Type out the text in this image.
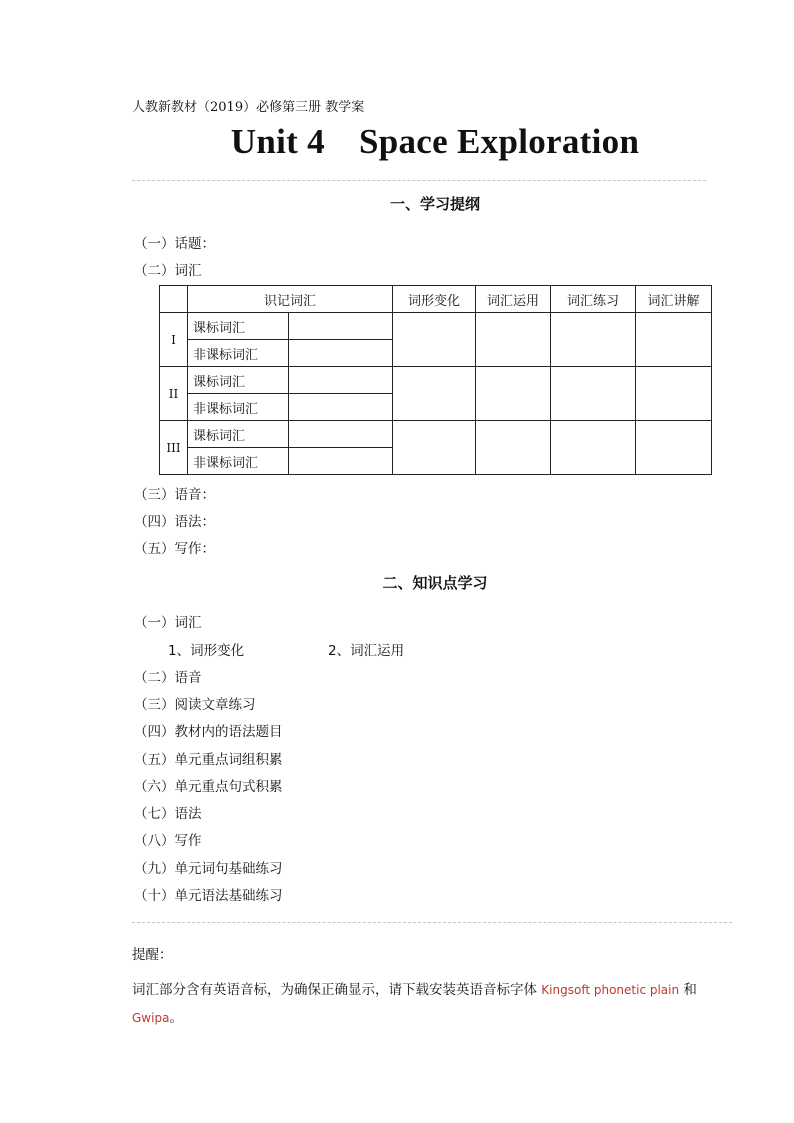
人教新教材（2019）必修第三册 教学案
Unit 4 Space Exploration
一、学习提纲
（一）话题：
（二）词汇
	识记词汇		词形变化	词汇运用	词汇练习	词汇讲解
I	课标词汇					
	非课标词汇					
II	课标词汇					
	非课标词汇					
III	课标词汇					
	非课标词汇					
（三）语音：
（四）语法：
（五）写作：
二、知识点学习
（一）词汇
1、词形变化	2、词汇运用
（二）语音
（三）阅读文章练习
（四）教材内的语法题目
（五）单元重点词组积累
（六）单元重点句式积累
（七）语法
（八）写作
（九）单元词句基础练习
（十）单元语法基础练习
提醒：
词汇部分含有英语音标，为确保正确显示，请下载安装英语音标字体 Kingsoft phonetic plain 和
Gwipa。
